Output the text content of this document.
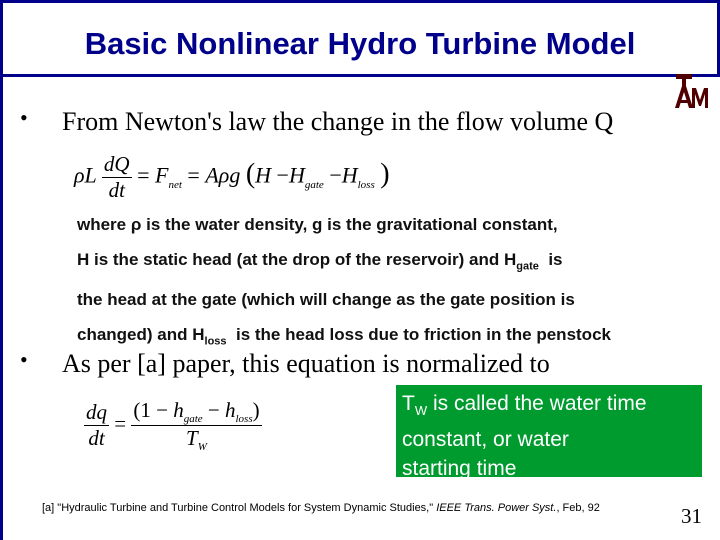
Basic Nonlinear Hydro Turbine Model
• From Newton's law the change in the flow volume Q
ρL $\frac{dQ}{dt} = F_{net} = A\rho g$ ($H -H_{gate} -H_{loss}$ )
where ρ is the water density, g is the gravitational constant,
H is the static head (at the drop of the reservoir) and $H_{gate}$ is
the head at the gate (which will change as the gate position is
changed) and $H_{loss}$ is the head loss due to friction in the penstock
• As per [a] paper, this equation is normalized to
$\frac{dq}{dt} = \frac{(1 - h_{gate} - h_{loss})}{T_W}$	$T_W$ is called the water time
constant, or water
starting time
[a] "Hydraulic Turbine and Turbine Control Models for System Dynamic Studies," IEEE Trans. Power Syst., Feb, 92	31
